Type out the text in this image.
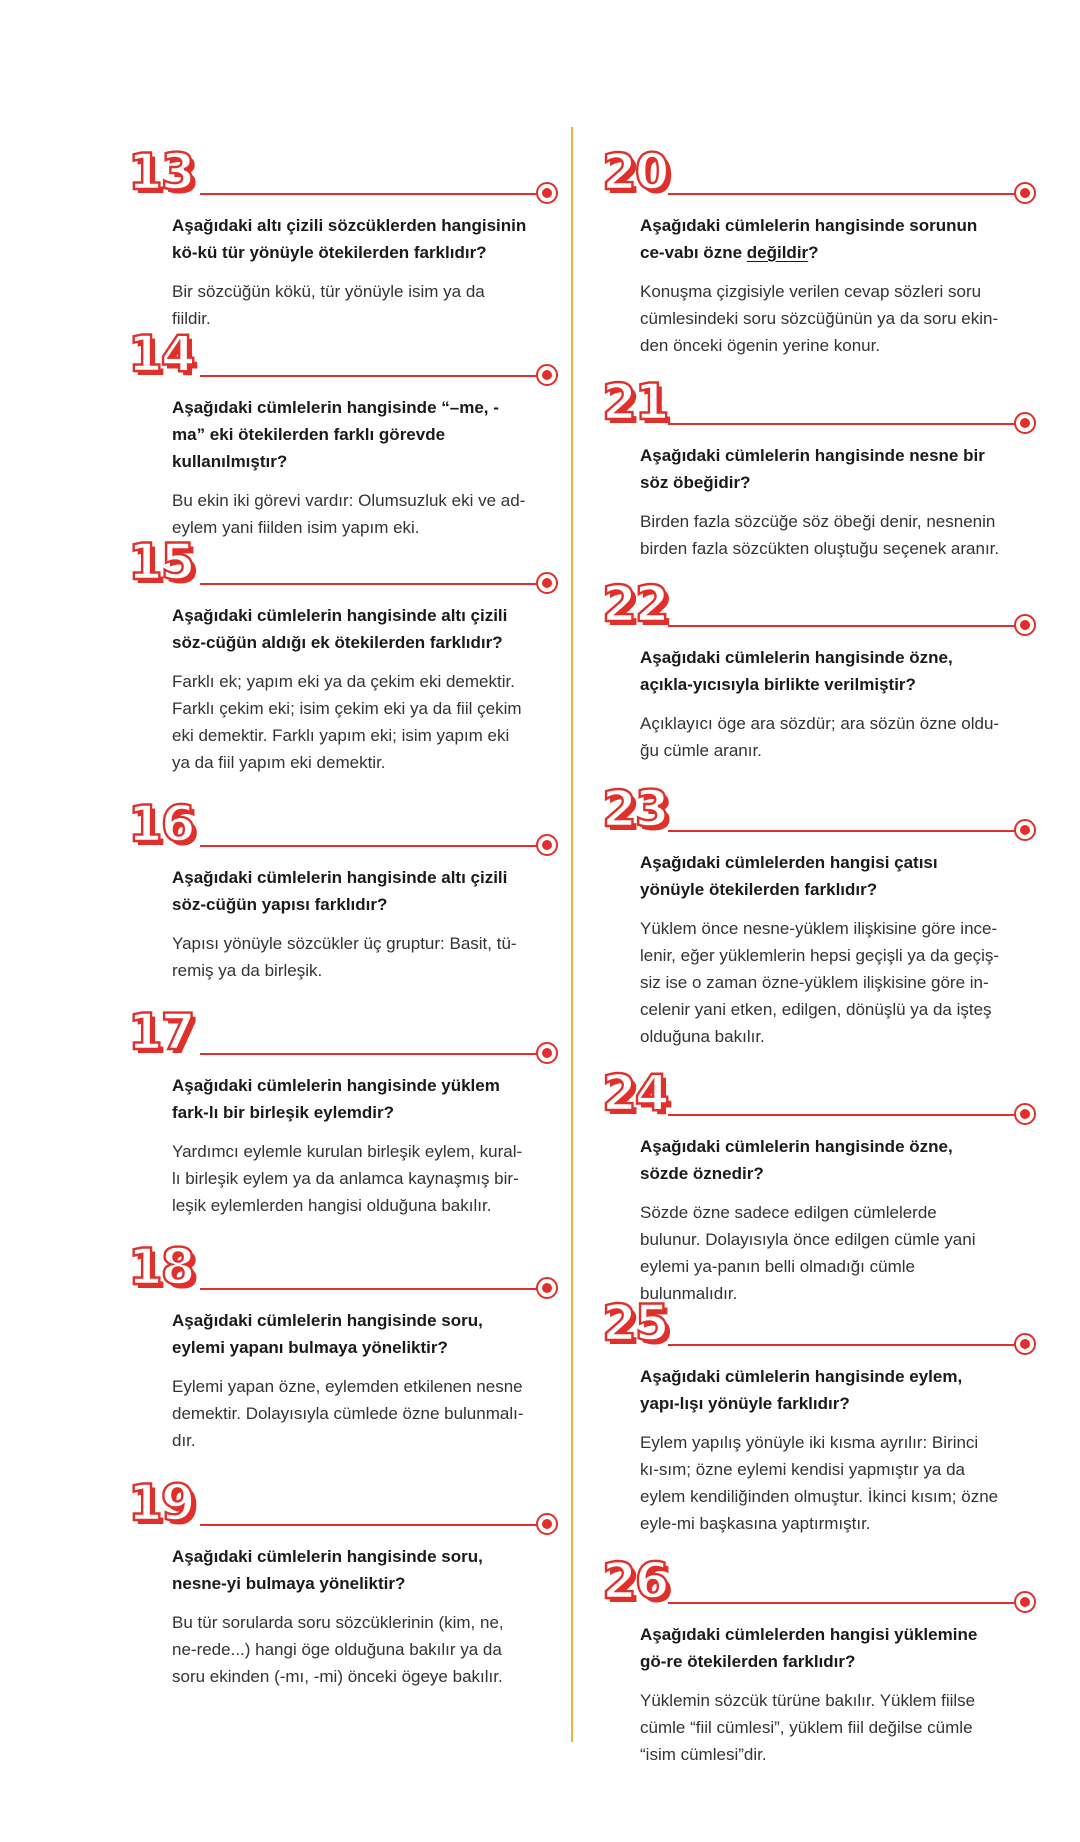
13

Aşağıdaki altı çizili sözcüklerden hangisinin kö-kü tür yönüyle ötekilerden farklıdır?

Bir sözcüğün kökü, tür yönüyle isim ya da fiildir.

14

Aşağıdaki cümlelerin hangisinde “–me, -ma” eki ötekilerden farklı görevde kullanılmıştır?

Bu ekin iki görevi vardır: Olumsuzluk eki ve ad-eylem yani fiilden isim yapım eki.

15

Aşağıdaki cümlelerin hangisinde altı çizili söz-cüğün aldığı ek ötekilerden farklıdır?

Farklı ek; yapım eki ya da çekim eki demektir. Farklı çekim eki; isim çekim eki ya da fiil çekim eki demektir. Farklı yapım eki; isim yapım eki ya da fiil yapım eki demektir.

16

Aşağıdaki cümlelerin hangisinde altı çizili söz-cüğün yapısı farklıdır?

Yapısı yönüyle sözcükler üç gruptur: Basit, tü-remiş ya da birleşik.

17

Aşağıdaki cümlelerin hangisinde yüklem fark-lı bir birleşik eylemdir?

Yardımcı eylemle kurulan birleşik eylem, kural-lı birleşik eylem ya da anlamca kaynaşmış bir-leşik eylemlerden hangisi olduğuna bakılır.

18

Aşağıdaki cümlelerin hangisinde soru, eylemi yapanı bulmaya yöneliktir?

Eylemi yapan özne, eylemden etkilenen nesne demektir. Dolayısıyla cümlede özne bulunmalı-dır.

19

Aşağıdaki cümlelerin hangisinde soru, nesne-yi bulmaya yöneliktir?

Bu tür sorularda soru sözcüklerinin (kim, ne, ne-rede...) hangi öge olduğuna bakılır ya da soru ekinden (-mı, -mi) önceki ögeye bakılır.

20

Aşağıdaki cümlelerin hangisinde sorunun ce-vabı özne değildir?

Konuşma çizgisiyle verilen cevap sözleri soru cümlesindeki soru sözcüğünün ya da soru ekin-den önceki ögenin yerine konur.

21

Aşağıdaki cümlelerin hangisinde nesne bir söz öbeğidir?

Birden fazla sözcüğe söz öbeği denir, nesnenin birden fazla sözcükten oluştuğu seçenek aranır.

22

Aşağıdaki cümlelerin hangisinde özne, açıkla-yıcısıyla birlikte verilmiştir?

Açıklayıcı öge ara sözdür; ara sözün özne oldu-ğu cümle aranır.

23

Aşağıdaki cümlelerden hangisi çatısı yönüyle ötekilerden farklıdır?

Yüklem önce nesne-yüklem ilişkisine göre ince-lenir, eğer yüklemlerin hepsi geçişli ya da geçiş-siz ise o zaman özne-yüklem ilişkisine göre in-celenir yani etken, edilgen, dönüşlü ya da işteş olduğuna bakılır.

24

Aşağıdaki cümlelerin hangisinde özne, sözde öznedir?

Sözde özne sadece edilgen cümlelerde bulunur. Dolayısıyla önce edilgen cümle yani eylemi ya-panın belli olmadığı cümle bulunmalıdır.

25

Aşağıdaki cümlelerin hangisinde eylem, yapı-lışı yönüyle farklıdır?

Eylem yapılış yönüyle iki kısma ayrılır: Birinci kı-sım; özne eylemi kendisi yapmıştır ya da eylem kendiliğinden olmuştur. İkinci kısım; özne eyle-mi başkasına yaptırmıştır.

26

Aşağıdaki cümlelerden hangisi yüklemine gö-re ötekilerden farklıdır?

Yüklemin sözcük türüne bakılır. Yüklem fiilse cümle “fiil cümlesi”, yüklem fiil değilse cümle “isim cümlesi”dir.
